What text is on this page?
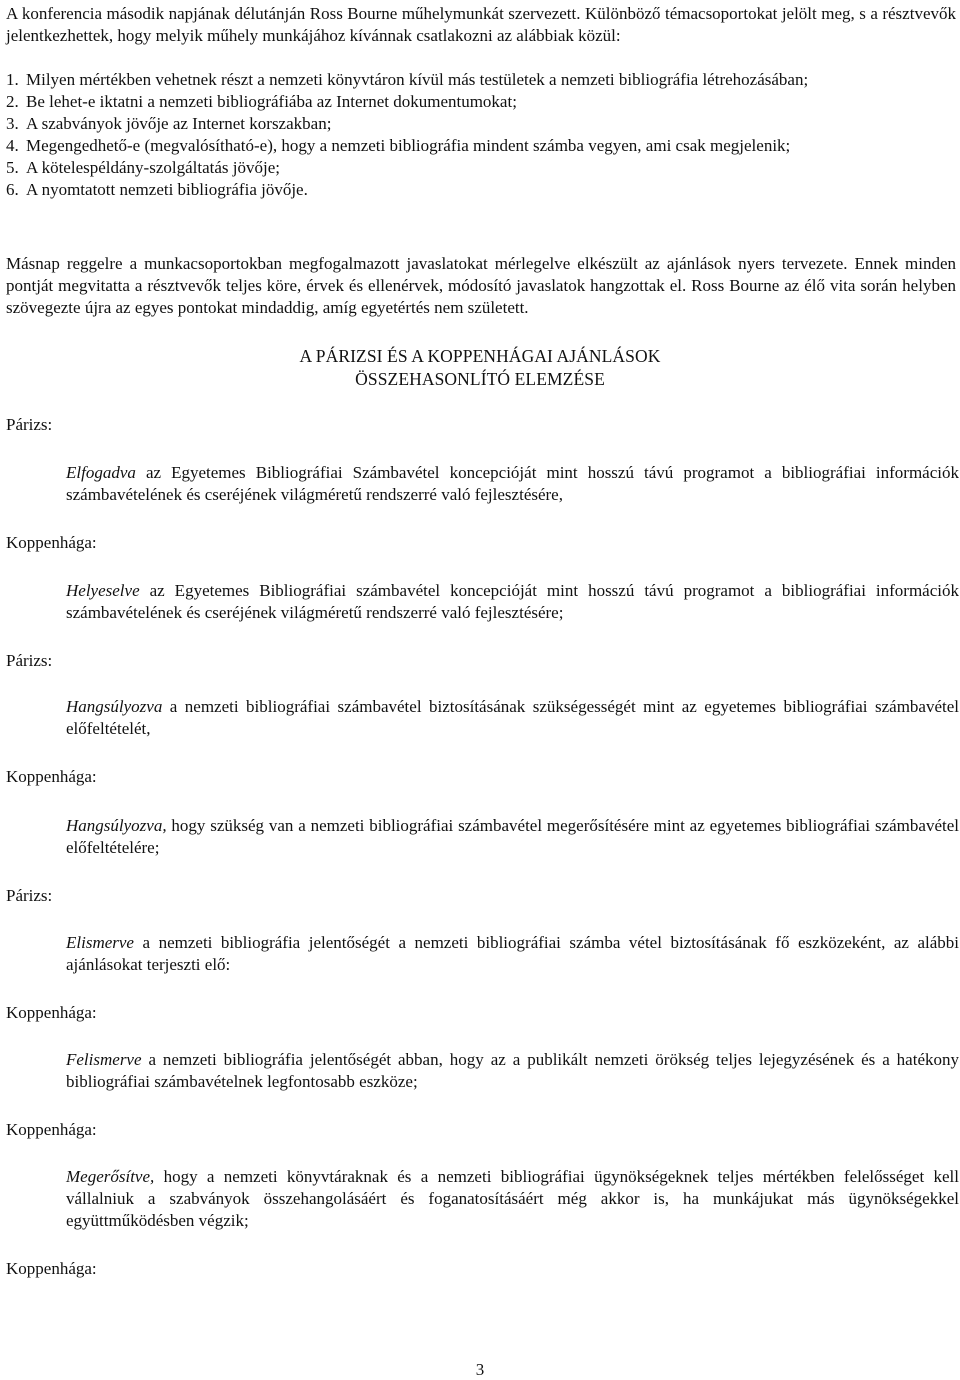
A konferencia második napjának délutánján Ross Bourne műhelymunkát szervezett. Különböző témacsoportokat jelölt meg, s a résztvevők jelentkezhettek, hogy melyik műhely munkájához kívánnak csatlakozni az alábbiak közül:

1. Milyen mértékben vehetnek részt a nemzeti könyvtáron kívül más testületek a nemzeti bibliográfia létrehozásában;
2. Be lehet-e iktatni a nemzeti bibliográfiába az Internet dokumentumokat;
3. A szabványok jövője az Internet korszakban;
4. Megengedhető-e (megvalósítható-e), hogy a nemzeti bibliográfia mindent számba vegyen, ami csak megjelenik;
5. A kötelespéldány-szolgáltatás jövője;
6. A nyomtatott nemzeti bibliográfia jövője.

Másnap reggelre a munkacsoportokban megfogalmazott javaslatokat mérlegelve elkészült az ajánlások nyers tervezete. Ennek minden pontját megvitatta a résztvevők teljes köre, érvek és ellenérvek, módosító javaslatok hangzottak el. Ross Bourne az élő vita során helyben szövegezte újra az egyes pontokat mindaddig, amíg egyetértés nem született.

A PÁRIZSI ÉS A KOPPENHÁGAI AJÁNLÁSOK
ÖSSZEHASONLÍTÓ ELEMZÉSE
Párizs:

Elfogadva az Egyetemes Bibliográfiai Számbavétel koncepcióját mint hosszú távú programot a bibliográfiai információk számbavételének és cseréjének világméretű rendszerré való fejlesztésére,

Koppenhága:

Helyeselve az Egyetemes Bibliográfiai számbavétel koncepcióját mint hosszú távú programot a bibliográfiai információk számbavételének és cseréjének világméretű rendszerré való fejlesztésére;

Párizs:

Hangsúlyozva a nemzeti bibliográfiai számbavétel biztosításának szükségességét mint az egyetemes bibliográfiai számbavétel előfeltételét,

Koppenhága:

Hangsúlyozva, hogy szükség van a nemzeti bibliográfiai számbavétel megerősítésére mint az egyetemes bibliográfiai számbavétel előfeltételére;

Párizs:

Elismerve a nemzeti bibliográfia jelentőségét a nemzeti bibliográfiai számba vétel biztosításának fő eszközeként, az alábbi ajánlásokat terjeszti elő:

Koppenhága:

Felismerve a nemzeti bibliográfia jelentőségét abban, hogy az a publikált nemzeti örökség teljes lejegyzésének és a hatékony bibliográfiai számbavételnek legfontosabb eszköze;

Koppenhága:

Megerősítve, hogy a nemzeti könyvtáraknak és a nemzeti bibliográfiai ügynökségeknek teljes mértékben felelősséget kell vállalniuk a szabványok összehangolásáért és foganatosításáért még akkor is, ha munkájukat más ügynökségekkel együttműködésben végzik;

Koppenhága:
3
